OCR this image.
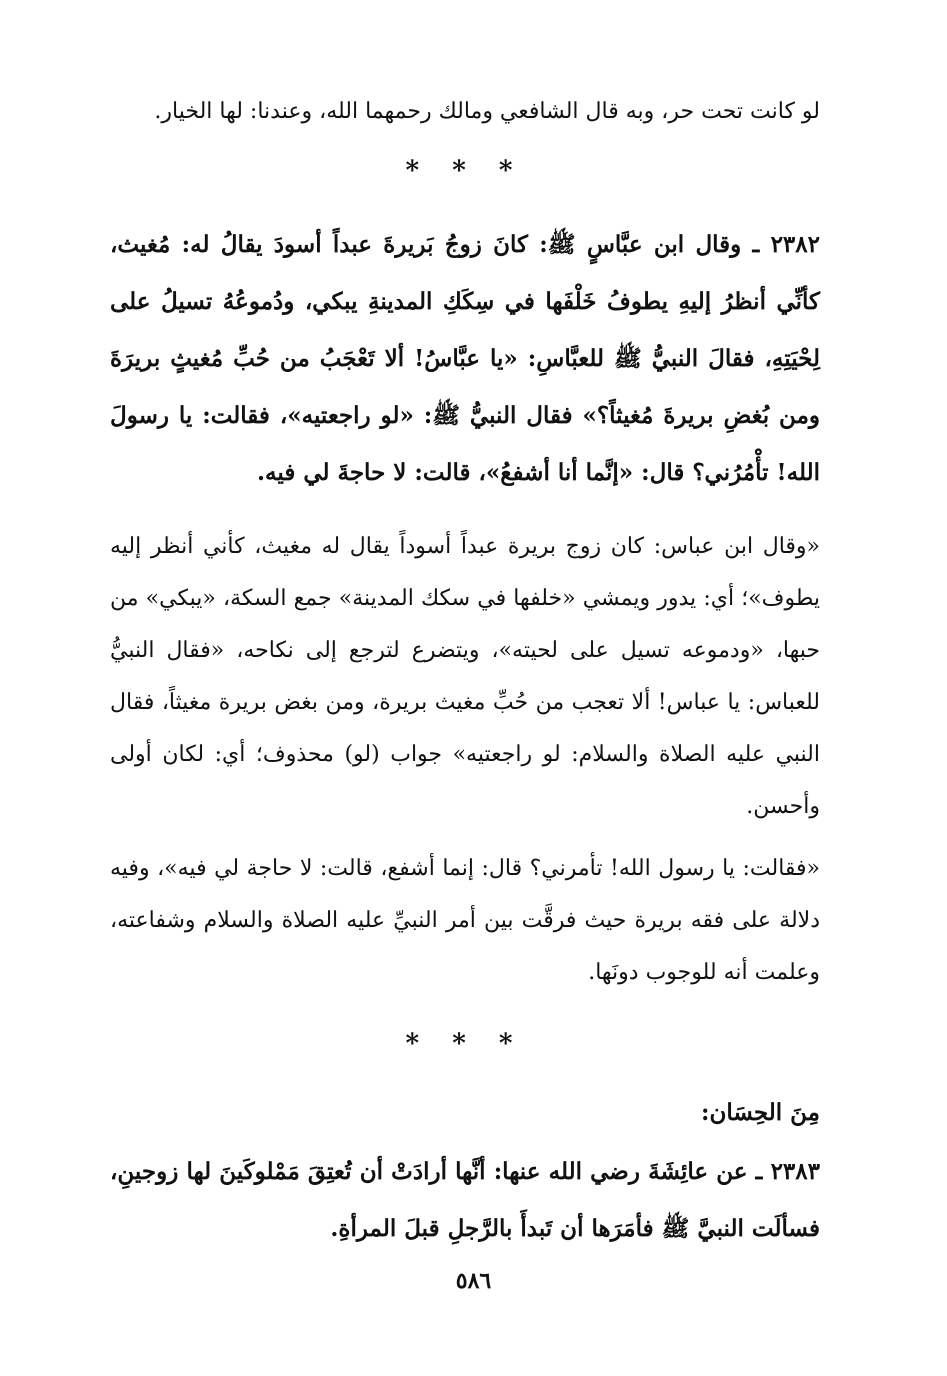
لو كانت تحت حر، وبه قال الشافعي ومالك رحمهما الله، وعندنا: لها الخيار.

* * *

٢٣٨٢ ـ وقال ابن عبَّاسٍ ﷺ: كانَ زوجُ بَريرةَ عبداً أسودَ يقالُ له: مُغيث، كأنِّي أنظرُ إليهِ يطوفُ خَلْفَها في سِكَكِ المدينةِ يبكي، ودُموعُهُ تسيلُ على لِحْيَتِهِ، فقالَ النبيُّ ﷺ للعبَّاسِ: «يا عبَّاسُ! ألا تَعْجَبُ من حُبِّ مُغيثٍ بريرَةَ ومن بُغضِ بريرةَ مُغيثاً؟» فقال النبيُّ ﷺ: «لو راجعتيه»، فقالت: يا رسولَ الله! تأْمُرُني؟ قال: «إنَّما أنا أشفعُ»، قالت: لا حاجةَ لي فيه.

«وقال ابن عباس: كان زوج بريرة عبداً أسوداً يقال له مغيث، كأني أنظر إليه يطوف»؛ أي: يدور ويمشي «خلفها في سكك المدينة» جمع السكة، «يبكي» من حبها، «ودموعه تسيل على لحيته»، ويتضرع لترجع إلى نكاحه، «فقال النبيُّ للعباس: يا عباس! ألا تعجب من حُبِّ مغيث بريرة، ومن بغض بريرة مغيثاً، فقال النبي عليه الصلاة والسلام: لو راجعتيه» جواب (لو) محذوف؛ أي: لكان أولى وأحسن.

«فقالت: يا رسول الله! تأمرني؟ قال: إنما أشفع، قالت: لا حاجة لي فيه»، وفيه دلالة على فقه بريرة حيث فرقَّت بين أمر النبيِّ عليه الصلاة والسلام وشفاعته، وعلمت أنه للوجوب دونَها.

* * *

مِنَ الحِسَان:

٢٣٨٣ ـ عن عائِشَةَ رضي الله عنها: أنَّها أرادَتْ أن تُعتِقَ مَمْلوكَينَ لها زوجينِ، فسألَت النبيَّ ﷺ فأمَرَها أن تَبدأَ بالرَّجلِ قبلَ المرأةِ.

٥٨٦
